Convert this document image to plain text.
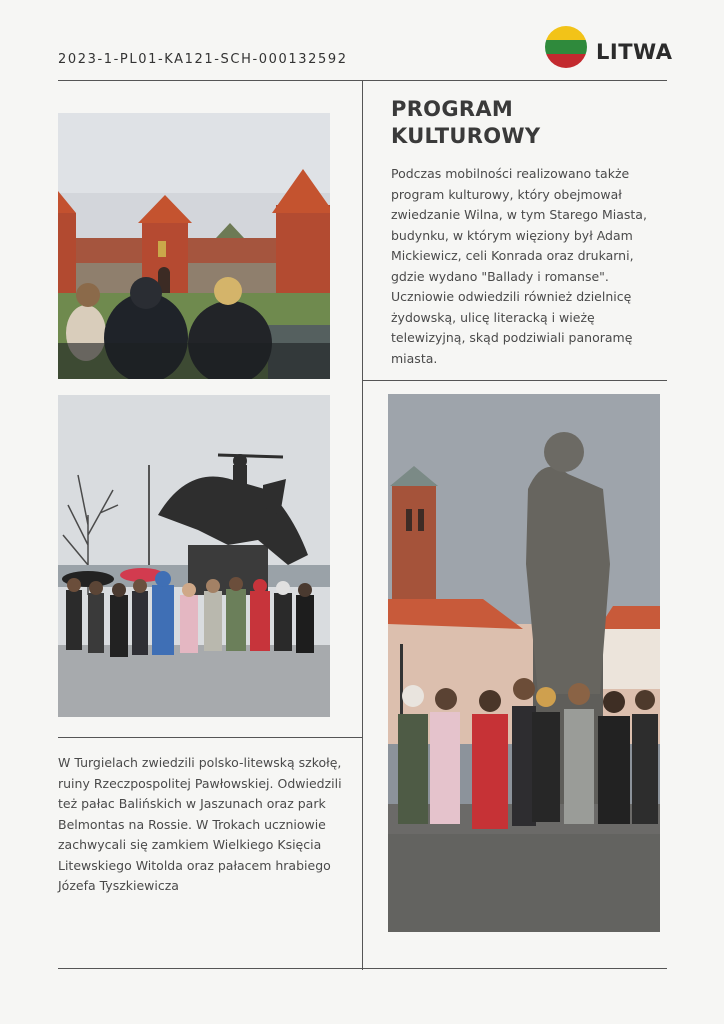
2023-1-PL01-KA121-SCH-000132592	LITWA
PROGRAM
KULTUROWY
Podczas mobilności realizowano także program kulturowy, który obejmował zwiedzanie Wilna, w tym Starego Miasta, budynku, w którym więziony był Adam Mickiewicz, celi Konrada oraz drukarni, gdzie wydano "Ballady i romanse". Uczniowie odwiedzili również dzielnicę żydowską, ulicę literacką i wieżę telewizyjną, skąd podziwiali panoramę miasta.
W Turgielach zwiedzili polsko-litewską szkołę, ruiny Rzeczpospolitej Pawłowskiej. Odwiedzili też pałac Balińskich w Jaszunach oraz park Belmontas na Rossie. W Trokach uczniowie zachwycali się zamkiem Wielkiego Księcia Litewskiego Witolda oraz pałacem hrabiego Józefa Tyszkiewicza
